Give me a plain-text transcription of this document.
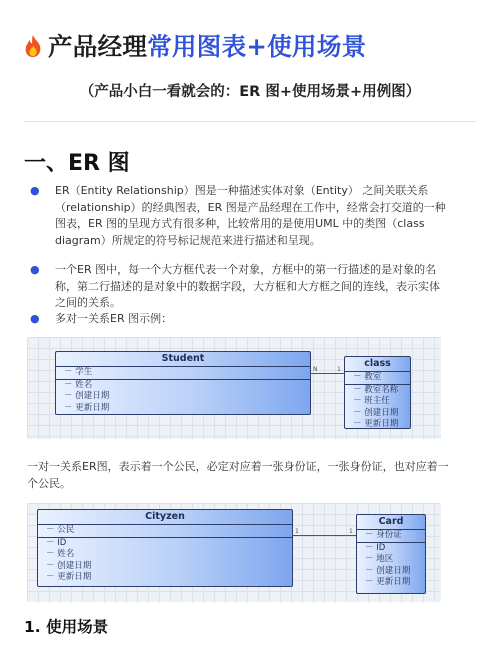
产品经理常用图表+使用场景
（产品小白一看就会的：ER 图+使用场景+用例图）
一、ER 图
● ER（Entity Relationship）图是一种描述实体对象（Entity） 之间关联关系（relationship）的经典图表，ER 图是产品经理在工作中，经常会打交道的一种图表，ER 图的呈现方式有很多种，比较常用的是使用UML 中的类图（class diagram）所规定的符号标记规范来进行描述和呈现。
● 一个ER 图中，每一个大方框代表一个对象，方框中的第一行描述的是对象的名称，第二行描述的是对象中的数据字段，大方框和大方框之间的连线，表示实体之间的关系。
● 多对一关系ER 图示例：
Student
－ 学生
－ 姓名
－ 创建日期
－ 更新日期
N	1
class
－ 教室
－ 教室名称
－ 班主任
－ 创建日期
－ 更新日期
一对一关系ER图，表示着一个公民，必定对应着一张身份证，一张身份证，也对应着一个公民。
Cityzen
－ 公民
－ ID
－ 姓名
－ 创建日期
－ 更新日期
1	1
Card
－ 身份证
－ ID
－ 地区
－ 创建日期
－ 更新日期
1. 使用场景
